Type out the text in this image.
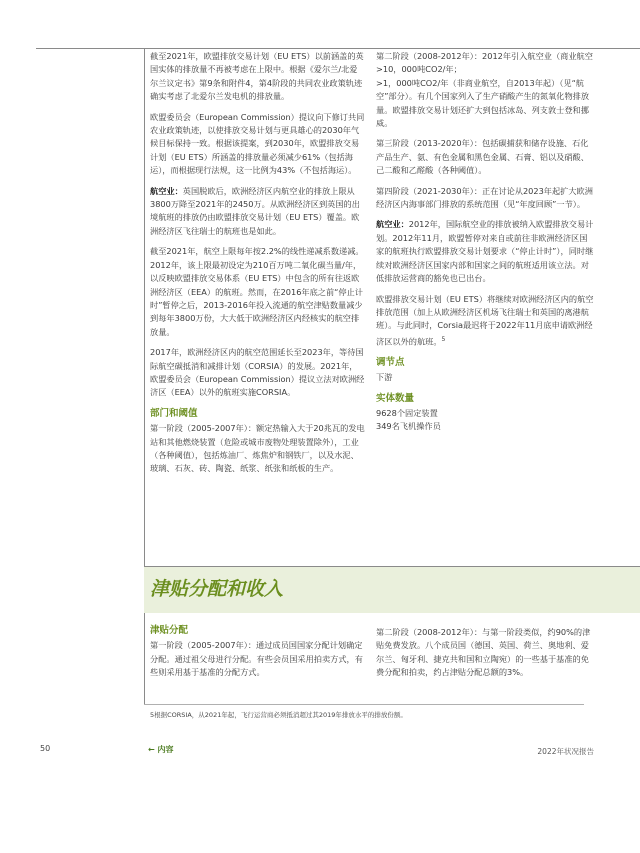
截至2021年，欧盟排放交易计划（EU ETS）以前涵盖的英国实体的排放量不再被考虑在上限中。根据《爱尔兰/北爱尔兰议定书》第9条和附件4，第4阶段的共同农业政策轨迹确实考虑了北爱尔兰发电机的排放量。

欧盟委员会（European Commission）提议向下修订共同农业政策轨迹，以使排放交易计划与更具雄心的2030年气候目标保持一致。根据该提案，到2030年，欧盟排放交易计划（EU ETS）所涵盖的排放量必须减少61%（包括海运），而根据现行法规，这一比例为43%（不包括海运）。

航空业：英国脱欧后，欧洲经济区内航空业的排放上限从3800万降至2021年的2450万。从欧洲经济区到英国的出境航班的排放仍由欧盟排放交易计划（EU ETS）覆盖。欧洲经济区飞往瑞士的航班也是如此。

截至2021年，航空上限每年按2.2%的线性递减系数递减。2012年，该上限最初设定为210百万吨二氧化碳当量/年，以反映欧盟排放交易体系（EU ETS）中包含的所有往返欧洲经济区（EEA）的航班。然而，在2016年底之前“停止计时”暂停之后，2013-2016年投入流通的航空津贴数量减少到每年3800万份，大大低于欧洲经济区内经核实的航空排放量。

2017年，欧洲经济区内的航空范围延长至2023年，等待国际航空碳抵消和减排计划（CORSIA）的发展。2021年，欧盟委员会（European Commission）提议立法对欧洲经济区（EEA）以外的航班实施CORSIA。

部门和阈值

第一阶段（2005-2007年）：额定热输入大于20兆瓦的发电站和其他燃烧装置（危险或城市废物处理装置除外），工业（各种阈值），包括炼油厂、炼焦炉和钢铁厂，以及水泥、玻璃、石灰、砖、陶瓷、纸浆、纸张和纸板的生产。

第二阶段（2008-2012年）：2012年引入航空业（商业航空>10，000吨CO2/年；
>1，000吨CO2/年（非商业航空，自2013年起）（见“航空”部分）。有几个国家列入了生产硝酸产生的氮氧化物排放量。欧盟排放交易计划还扩大到包括冰岛、列支敦士登和挪威。

第三阶段（2013-2020年）：包括碳捕获和储存设施、石化产品生产、氨、有色金属和黑色金属、石膏、铝以及硝酸、己二酸和乙醛酸（各种阈值）。

第四阶段（2021-2030年）：正在讨论从2023年起扩大欧洲经济区内海事部门排放的系统范围（见“年度回顾”一节）。

航空业：2012年，国际航空业的排放被纳入欧盟排放交易计划。2012年11月，欧盟暂停对来自或前往非欧洲经济区国家的航班执行欧盟排放交易计划要求（“停止计时”），同时继续对欧洲经济区国家内部和国家之间的航班适用该立法。对低排放运营商的豁免也已出台。

欧盟排放交易计划（EU ETS）将继续对欧洲经济区内的航空排放范围（加上从欧洲经济区机场飞往瑞士和英国的离港航班）。与此同时，Corsia最迟将于2022年11月底申请欧洲经济区以外的航班。$^5$

调节点

下游

实体数量

9628个固定装置

349名飞机操作员

津贴分配和收入
津贴分配

第一阶段（2005-2007年）：通过成员国国家分配计划确定分配。通过祖父母进行分配。有些会员国采用拍卖方式，有些则采用基于基准的分配方式。

第二阶段（2008-2012年）：与第一阶段类似，约90%的津贴免费发放。八个成员国（德国、英国、荷兰、奥地利、爱尔兰、匈牙利、捷克共和国和立陶宛）的一些基于基准的免费分配和拍卖，约占津贴分配总额的3%。

5根据CORSIA，从2021年起，飞行运营商必须抵消超过其2019年排放水平的排放份额。
50	← 内容	2022年状况报告
